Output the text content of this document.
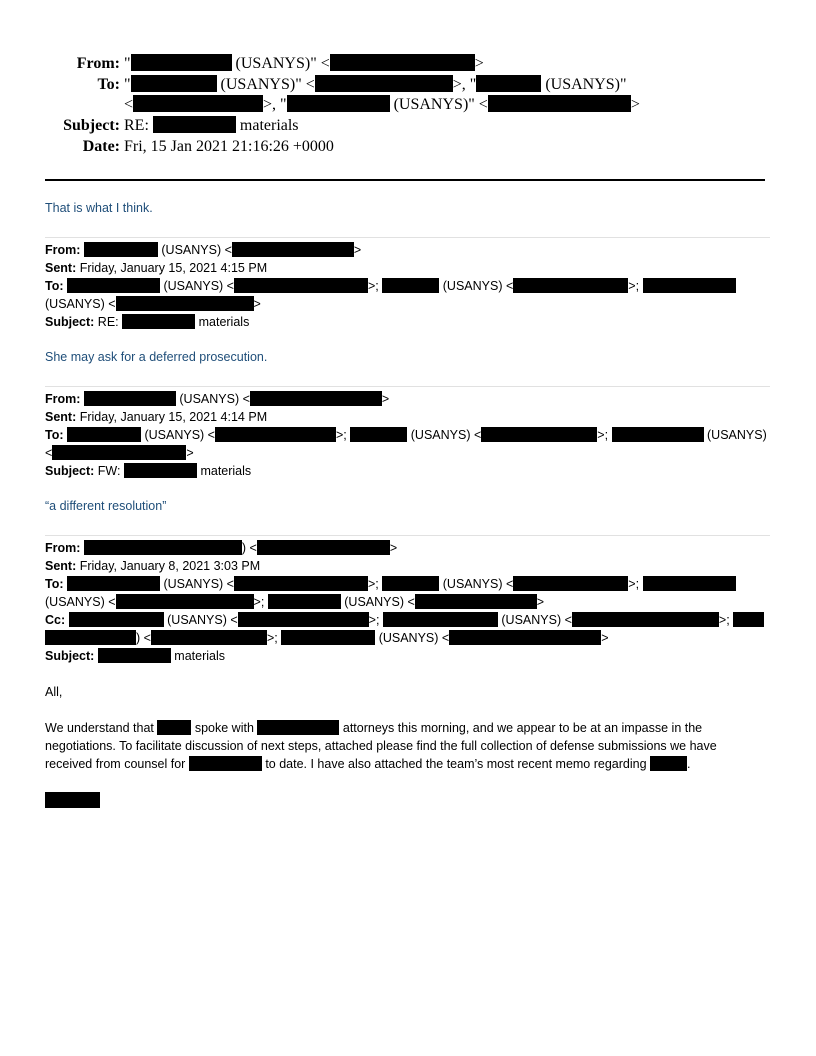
From: "	(USANYS)" <	>
To: "	(USANYS)" <	>, "	(USANYS)"
<	>, "	(USANYS)" <	>
Subject: RE:	materials
Date: Fri, 15 Jan 2021 21:16:26 +0000
That is what I think.
From:	(USANYS) <	>
Sent: Friday, January 15, 2021 4:15 PM
To:	(USANYS) <	>;	(USANYS) <	>;
(USANYS) <	>
Subject: RE:	materials
She may ask for a deferred prosecution.
From:	(USANYS) <	>
Sent: Friday, January 15, 2021 4:14 PM
To:	(USANYS) <	>;	(USANYS) <	>;	(USANYS)
<	>
Subject: FW:	materials
“a different resolution”
From:	) <	>
Sent: Friday, January 8, 2021 3:03 PM
To:	(USANYS) <	>;	(USANYS) <	>;
(USANYS) <	>;	(USANYS) <	>
Cc:	(USANYS) <	>;	(USANYS) <	>;
) <	>;	(USANYS) <	>
Subject:	materials
All,
We understand that	spoke with	attorneys this morning, and we appear to be at an impasse in the
negotiations. To facilitate discussion of next steps, attached please find the full collection of defense submissions we have
received from counsel for	to date. I have also attached the team’s most recent memo regarding	.
